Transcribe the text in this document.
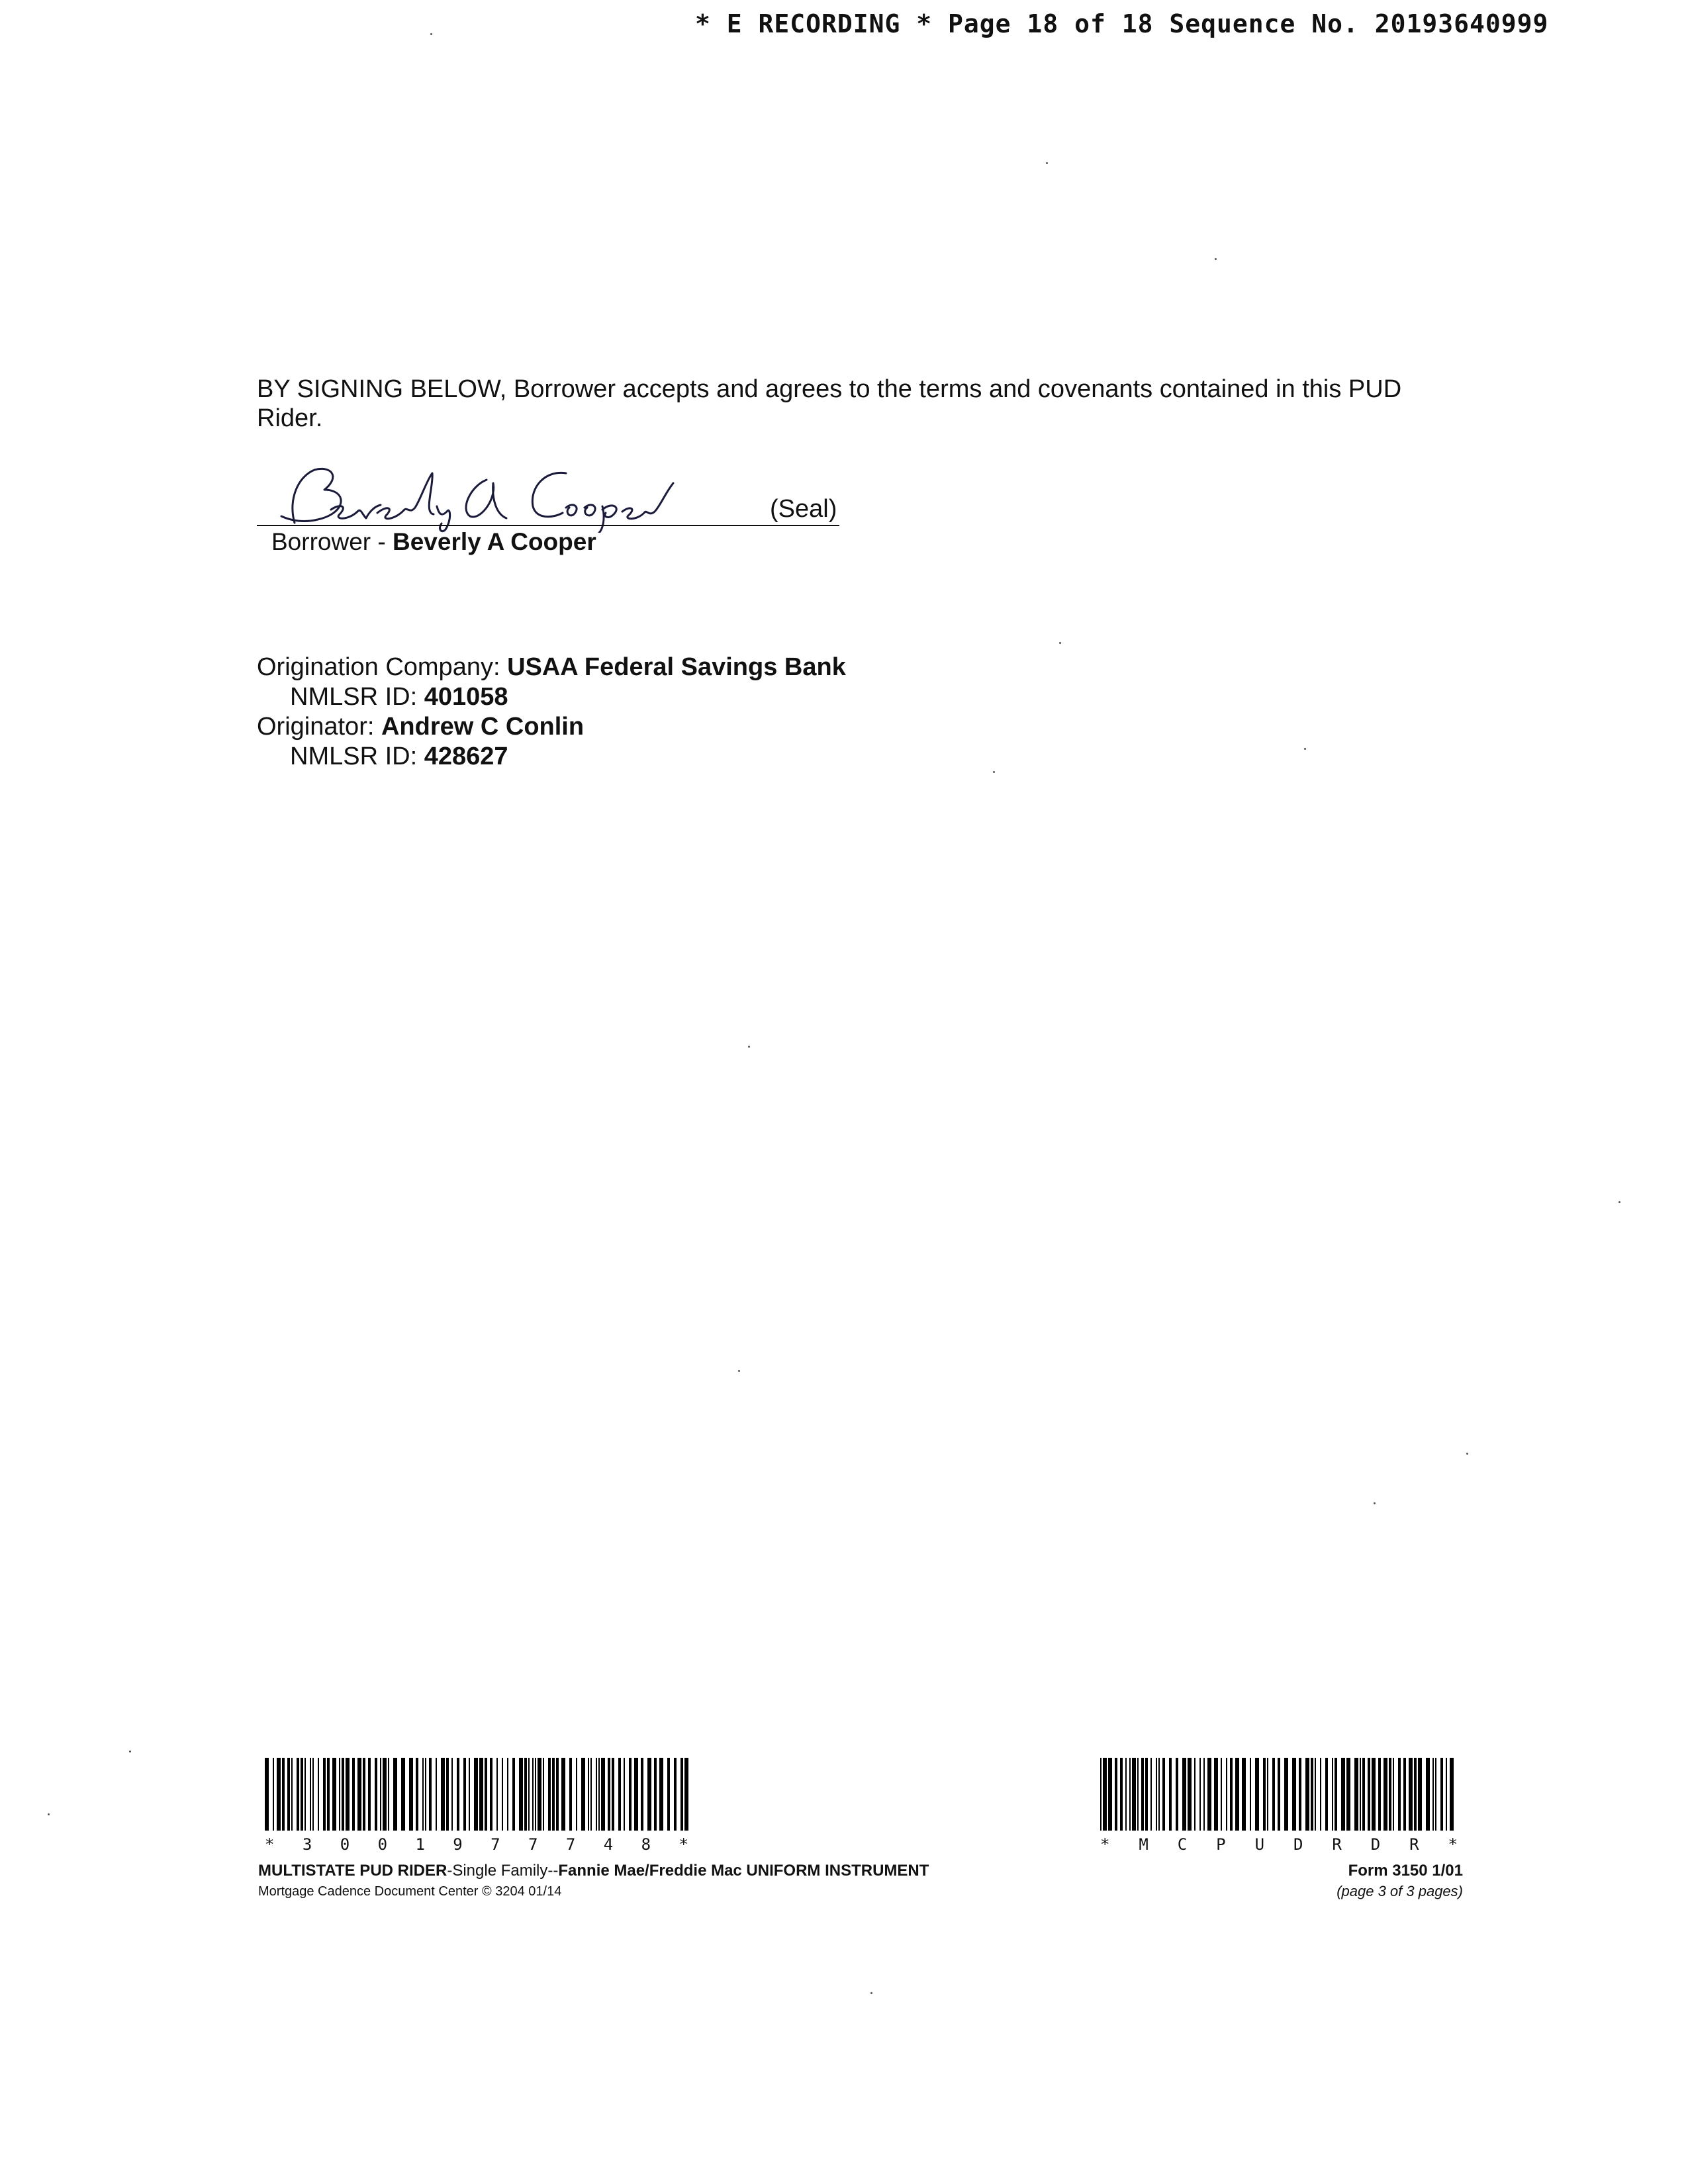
* E RECORDING * Page 18 of 18 Sequence No. 20193640999
BY SIGNING BELOW, Borrower accepts and agrees to the terms and covenants contained in this PUD Rider.
(Seal)
Borrower - Beverly A Cooper
Origination Company: USAA Federal Savings Bank
NMLSR ID: 401058
Originator: Andrew C Conlin
NMLSR ID: 428627
* 3 0 0 1 9 7 7 7 4 8 *	* M C P U D R D R *
MULTISTATE PUD RIDER-Single Family--Fannie Mae/Freddie Mac UNIFORM INSTRUMENT
Mortgage Cadence Document Center © 3204 01/14
Form 3150 1/01
(page 3 of 3 pages)
